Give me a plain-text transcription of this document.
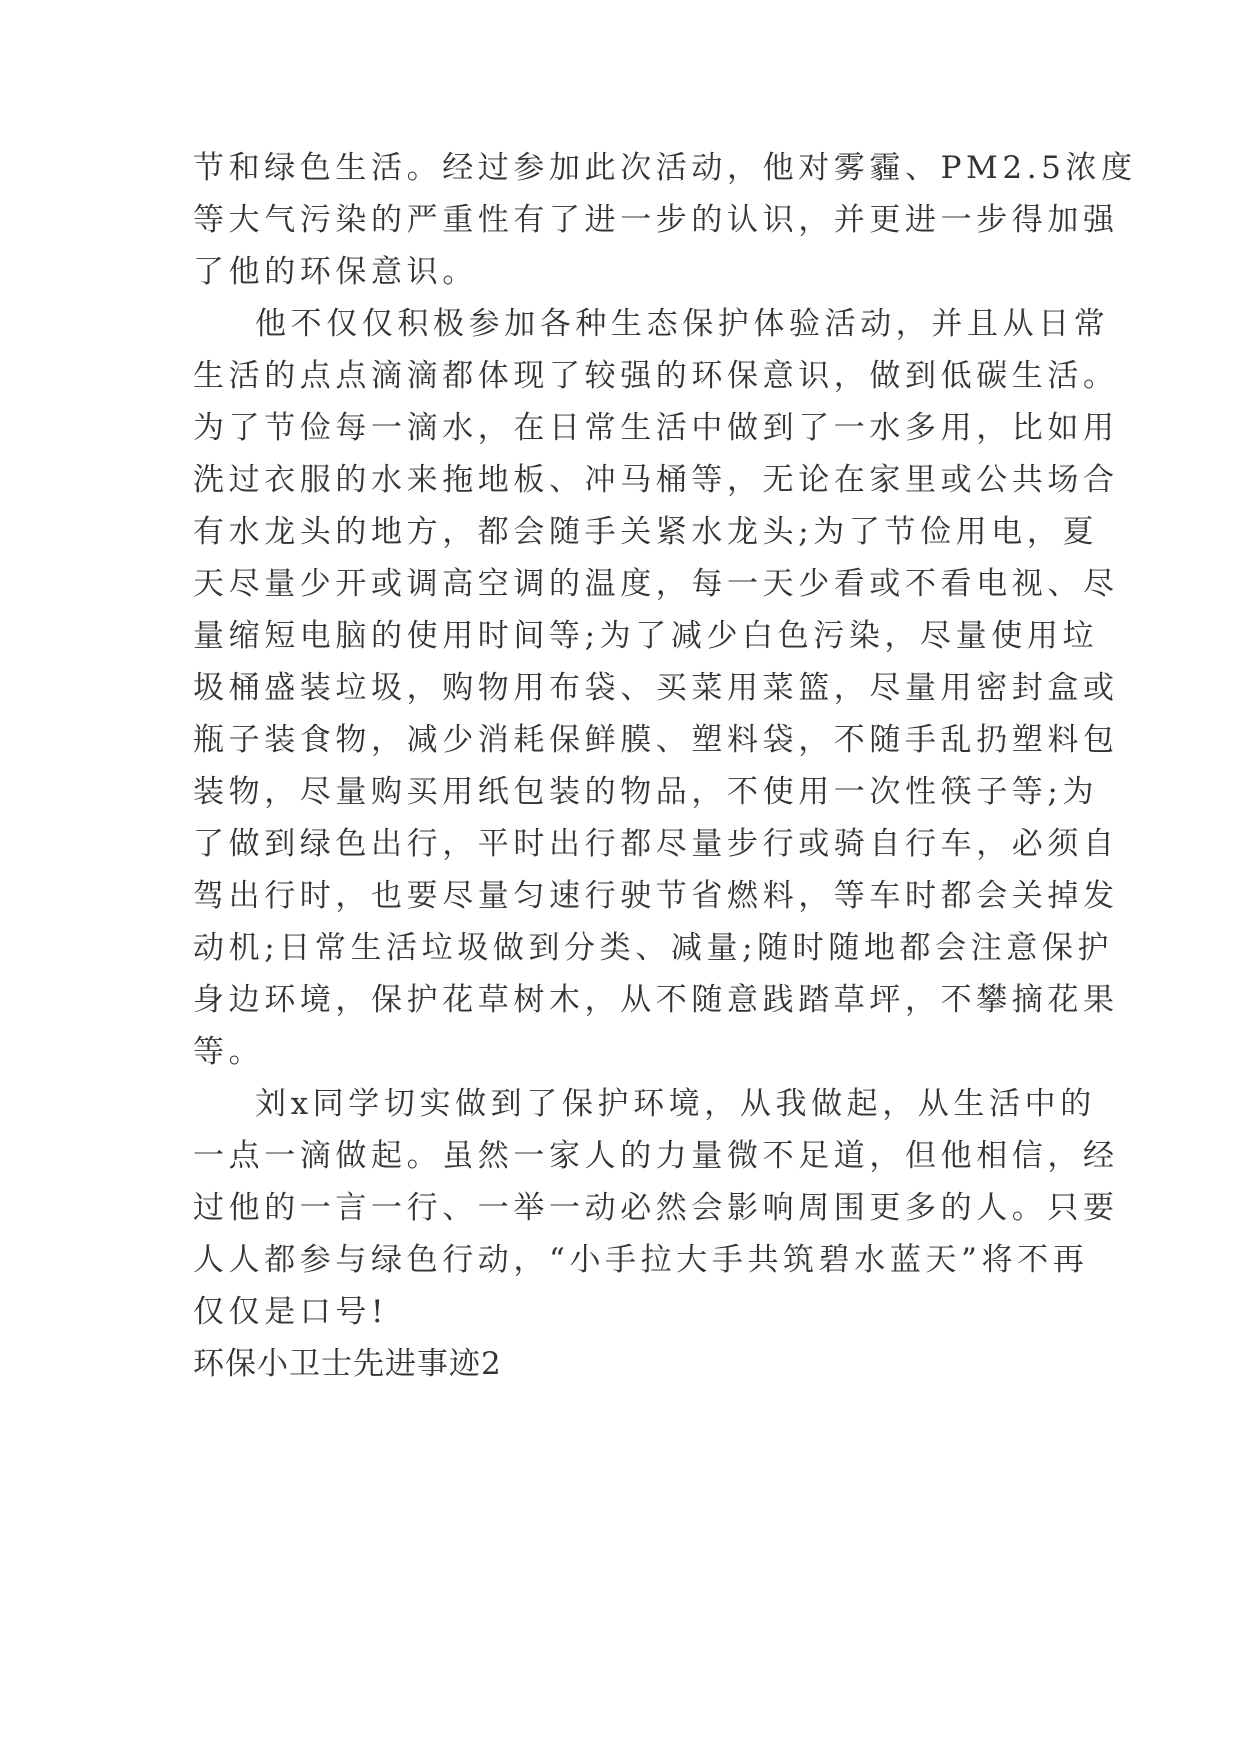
节和绿色生活。经过参加此次活动，他对雾霾、PM2.5浓度
等大气污染的严重性有了进一步的认识，并更进一步得加强
了他的环保意识。
他不仅仅积极参加各种生态保护体验活动，并且从日常
生活的点点滴滴都体现了较强的环保意识，做到低碳生活。
为了节俭每一滴水，在日常生活中做到了一水多用，比如用
洗过衣服的水来拖地板、冲马桶等，无论在家里或公共场合
有水龙头的地方，都会随手关紧水龙头;为了节俭用电，夏
天尽量少开或调高空调的温度，每一天少看或不看电视、尽
量缩短电脑的使用时间等;为了减少白色污染，尽量使用垃
圾桶盛装垃圾，购物用布袋、买菜用菜篮，尽量用密封盒或
瓶子装食物，减少消耗保鲜膜、塑料袋，不随手乱扔塑料包
装物，尽量购买用纸包装的物品，不使用一次性筷子等;为
了做到绿色出行，平时出行都尽量步行或骑自行车，必须自
驾出行时，也要尽量匀速行驶节省燃料，等车时都会关掉发
动机;日常生活垃圾做到分类、减量;随时随地都会注意保护
身边环境，保护花草树木，从不随意践踏草坪，不攀摘花果
等。
刘x同学切实做到了保护环境，从我做起，从生活中的
一点一滴做起。虽然一家人的力量微不足道，但他相信，经
过他的一言一行、一举一动必然会影响周围更多的人。只要
人人都参与绿色行动，“小手拉大手共筑碧水蓝天”将不再
仅仅是口号!
环保小卫士先进事迹2
